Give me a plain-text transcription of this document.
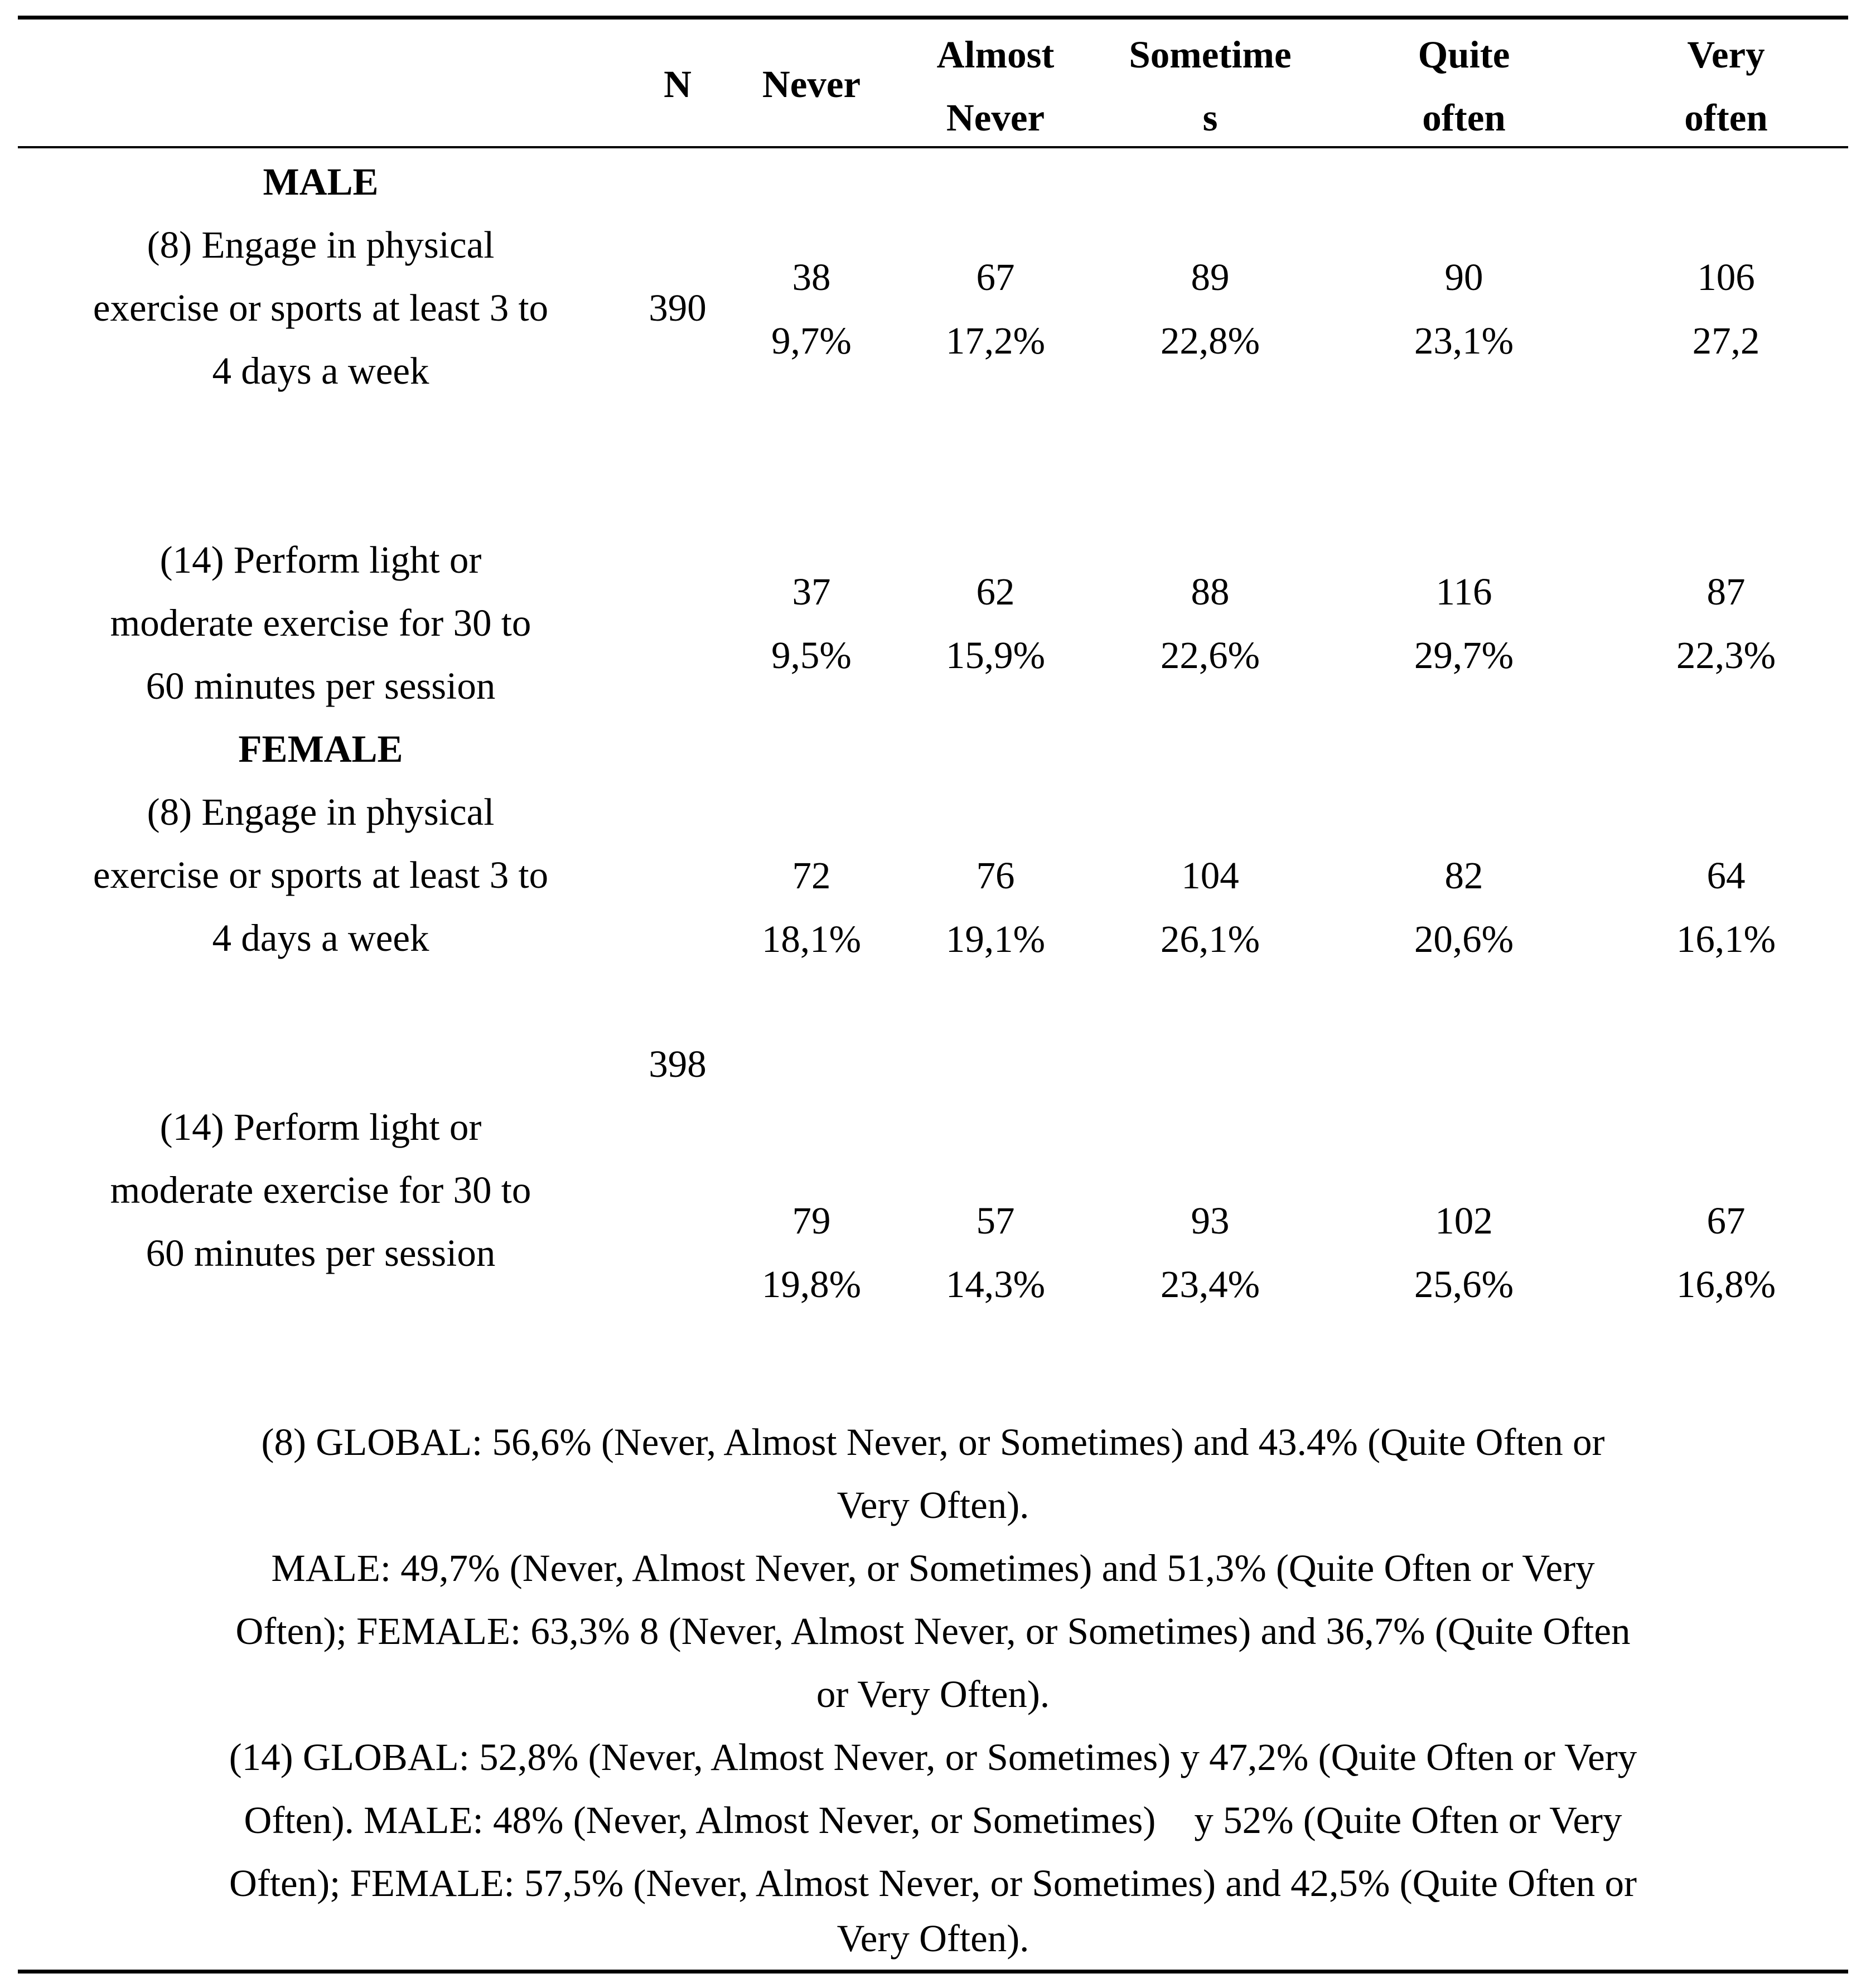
N	Never
Almost
Never
Sometime
s
Quite
often
Very
often
MALE
(8) Engage in physical
exercise or sports at least 3 to
4 days a week
390
38
9,7%
67
17,2%
89
22,8%
90
23,1%
106
27,2
(14) Perform light or
moderate exercise for 30 to
60 minutes per session
37
9,5%
62
15,9%
88
22,6%
116
29,7%
87
22,3%
FEMALE
(8) Engage in physical
exercise or sports at least 3 to
4 days a week
72
18,1%
76
19,1%
104
26,1%
82
20,6%
64
16,1%
398
(14) Perform light or
moderate exercise for 30 to
60 minutes per session
79
19,8%
57
14,3%
93
23,4%
102
25,6%
67
16,8%
(8) GLOBAL: 56,6% (Never, Almost Never, or Sometimes) and 43.4% (Quite Often or
Very Often).
MALE: 49,7% (Never, Almost Never, or Sometimes) and 51,3% (Quite Often or Very
Often); FEMALE: 63,3% 8 (Never, Almost Never, or Sometimes) and 36,7% (Quite Often
or Very Often).
(14) GLOBAL: 52,8% (Never, Almost Never, or Sometimes) y 47,2% (Quite Often or Very
Often). MALE: 48% (Never, Almost Never, or Sometimes)    y 52% (Quite Often or Very
Often); FEMALE: 57,5% (Never, Almost Never, or Sometimes) and 42,5% (Quite Often or
Very Often).
